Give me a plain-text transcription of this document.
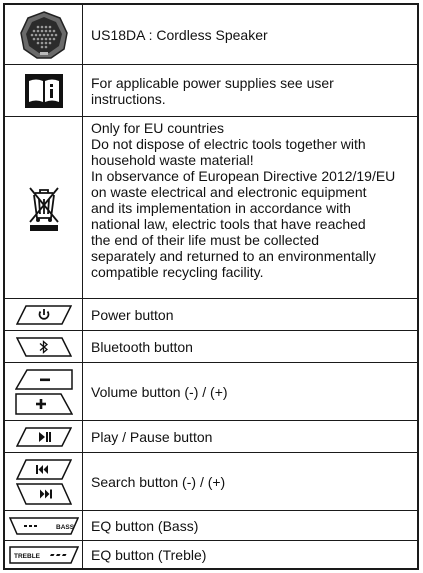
US18DA : Cordless Speaker
For applicable power supplies see user
instructions.
Only for EU countries
Do not dispose of electric tools together with
household waste material!
In observance of European Directive 2012/19/EU
on waste electrical and electronic equipment
and its implementation in accordance with
national law, electric tools that have reached
the end of their life must be collected
separately and returned to an environmentally
compatible recycling facility.
Power button
Bluetooth button
Volume button (-) / (+)
Play / Pause button
Search button (-) / (+)
BASS EQ button (Bass)
TREBLE	EQ button (Treble)
